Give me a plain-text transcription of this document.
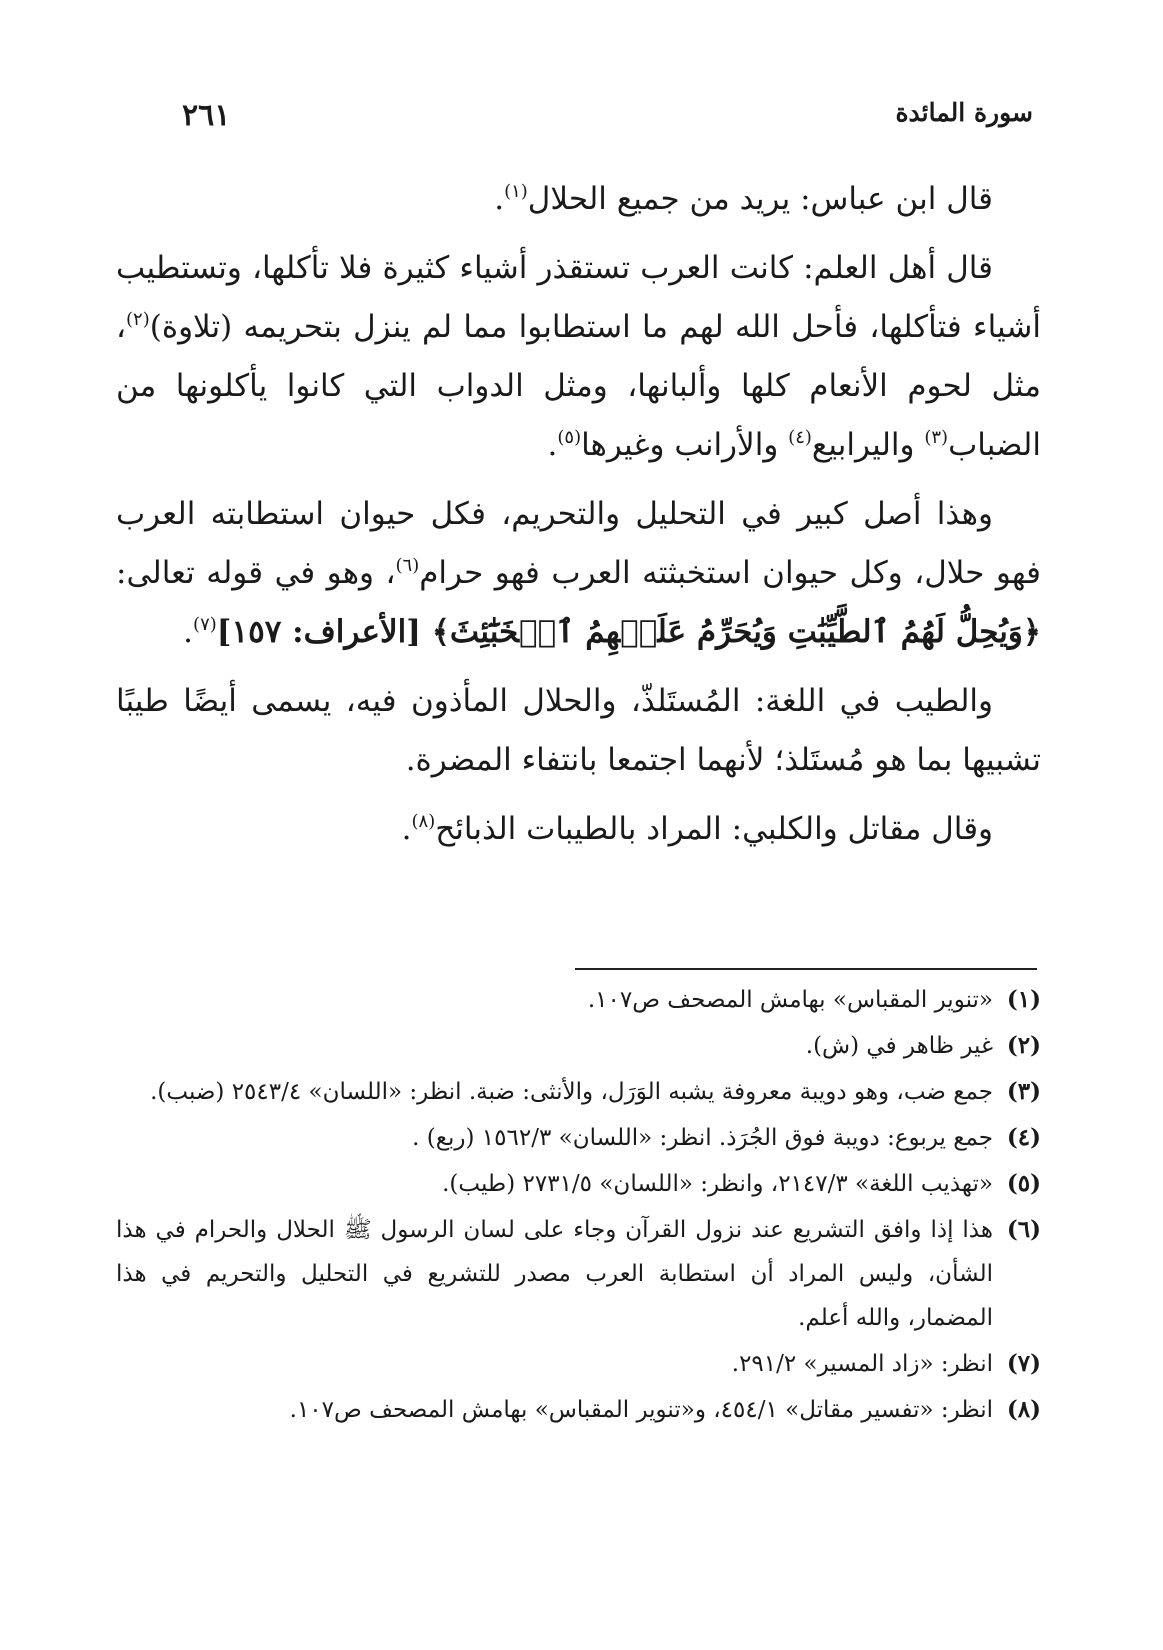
سورة المائدة
٢٦١

قال ابن عباس: يريد من جميع الحلال$^{(١)}$.

قال أهل العلم: كانت العرب تستقذر أشياء كثيرة فلا تأكلها، وتستطيب أشياء فتأكلها، فأحل الله لهم ما استطابوا مما لم ينزل بتحريمه (تلاوة)$^{(٢)}$، مثل لحوم الأنعام كلها وألبانها، ومثل الدواب التي كانوا يأكلونها من الضباب$^{(٣)}$ واليرابيع$^{(٤)}$ والأرانب وغيرها$^{(٥)}$.

وهذا أصل كبير في التحليل والتحريم، فكل حيوان استطابته العرب فهو حلال، وكل حيوان استخبثته العرب فهو حرام$^{(٦)}$، وهو في قوله تعالى: ﴿وَيُحِلُّ لَهُمُ ٱلطَّيِّبَٰتِ وَيُحَرِّمُ عَلَيۡهِمُ ٱلۡخَبَٰٓئِثَ﴾ [الأعراف: ١٥٧]$^{(٧)}$.

والطيب في اللغة: المُستَلذّ، والحلال المأذون فيه، يسمى أيضًا طيبًا تشبيها بما هو مُستَلذ؛ لأنهما اجتمعا بانتفاء المضرة.

وقال مقاتل والكلبي: المراد بالطيبات الذبائح$^{(٨)}$.

(١)
«تنوير المقباس» بهامش المصحف ص١٠٧.
(٢)
غير ظاهر في (ش).
(٣)
جمع ضب، وهو دويبة معروفة يشبه الوَرَل، والأنثى: ضبة. انظر: «اللسان» ٢٥٤٣/٤ (ضبب).
(٤)
جمع يربوع: دويبة فوق الجُرَذ. انظر: «اللسان» ١٥٦٢/٣ (ربع) .
(٥)
«تهذيب اللغة» ٢١٤٧/٣، وانظر: «اللسان» ٢٧٣١/٥ (طيب).
(٦)
هذا إذا وافق التشريع عند نزول القرآن وجاء على لسان الرسول ﷺ الحلال والحرام في هذا الشأن، وليس المراد أن استطابة العرب مصدر للتشريع في التحليل والتحريم في هذا المضمار، والله أعلم.
(٧)
انظر: «زاد المسير» ٢٩١/٢.
(٨)
انظر: «تفسير مقاتل» ٤٥٤/١، و«تنوير المقباس» بهامش المصحف ص١٠٧.
